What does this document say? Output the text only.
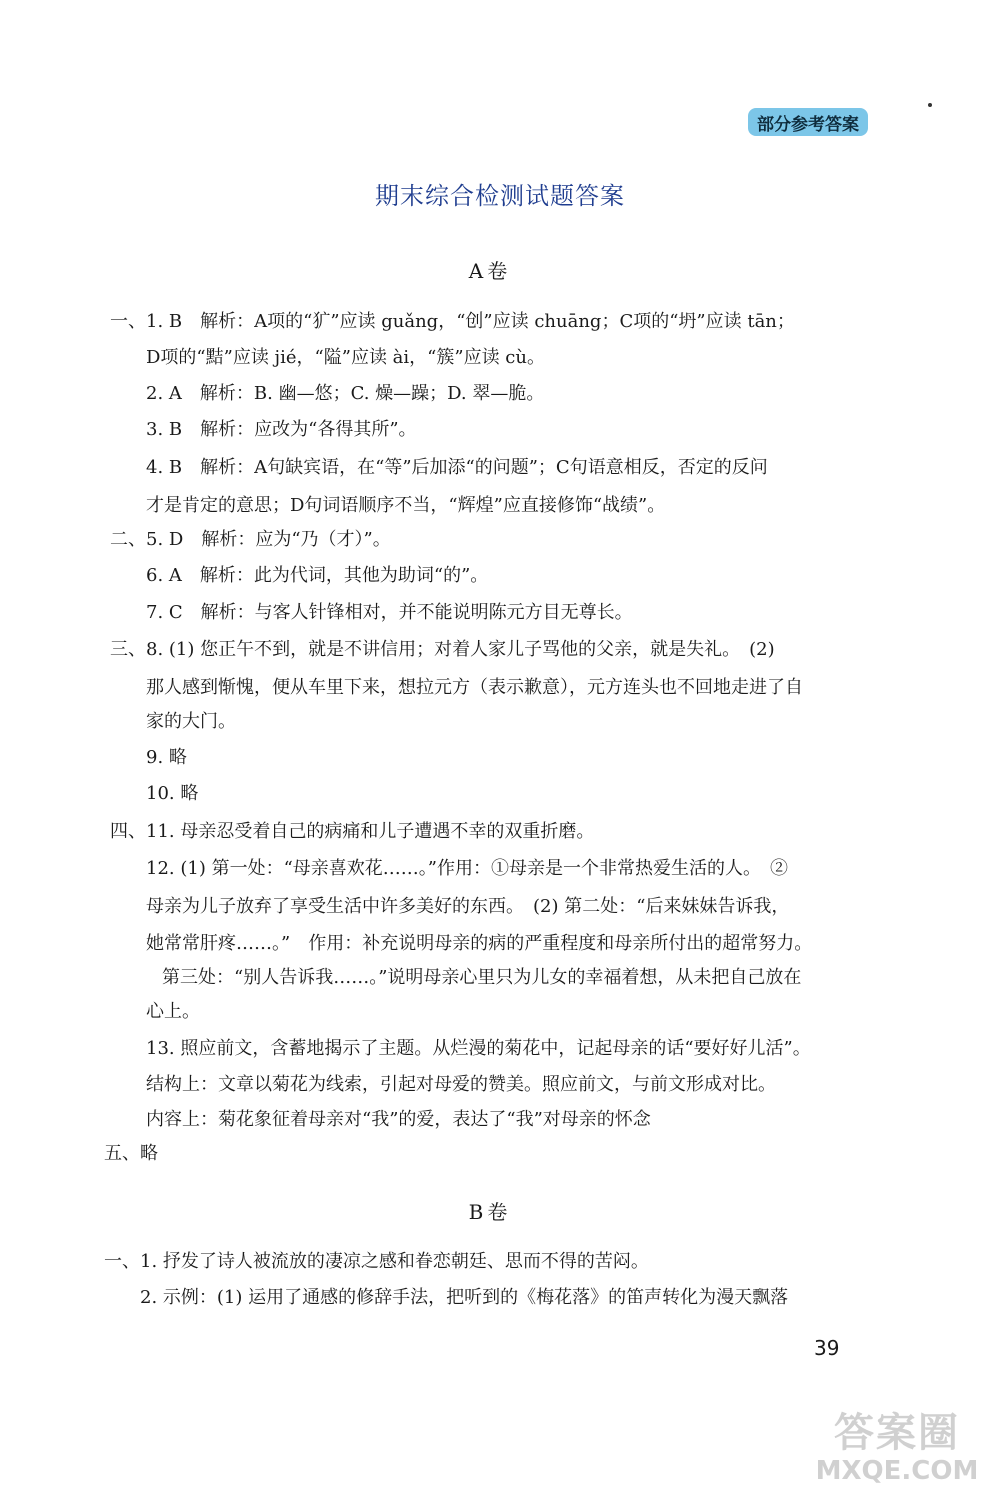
部分参考答案
期末综合检测试题答案
A卷
B卷
一、1. B　解析：A项的“犷”应读 guǎng，“创”应读 chuāng；C项的“坍”应读 tān；
D项的“黠”应读 jié，“隘”应读 ài，“簇”应读 cù。
2. A　解析：B. 幽—悠；C. 燥—躁；D. 翠—脆。
3. B　解析：应改为“各得其所”。
4. B　解析：A句缺宾语，在“等”后加添“的问题”；C句语意相反，否定的反问
才是肯定的意思；D句词语顺序不当，“辉煌”应直接修饰“战绩”。
二、5. D　解析：应为“乃（才）”。
6. A　解析：此为代词，其他为助词“的”。
7. C　解析：与客人针锋相对，并不能说明陈元方目无尊长。
三、8. (1) 您正午不到，就是不讲信用；对着人家儿子骂他的父亲，就是失礼。　(2)
那人感到惭愧，便从车里下来，想拉元方（表示歉意），元方连头也不回地走进了自
家的大门。
9. 略
10. 略
四、11. 母亲忍受着自己的病痛和儿子遭遇不幸的双重折磨。
12. (1) 第一处：“母亲喜欢花……。”作用：①母亲是一个非常热爱生活的人。　②
母亲为儿子放弃了享受生活中许多美好的东西。　(2) 第二处：“后来妹妹告诉我，
她常常肝疼……。”　作用：补充说明母亲的病的严重程度和母亲所付出的超常努力。
第三处：“别人告诉我……。”说明母亲心里只为儿女的幸福着想，从未把自己放在
心上。
13. 照应前文，含蓄地揭示了主题。从烂漫的菊花中，记起母亲的话“要好好儿活”。
结构上：文章以菊花为线索，引起对母爱的赞美。照应前文，与前文形成对比。
内容上：菊花象征着母亲对“我”的爱，表达了“我”对母亲的怀念
五、略
一、1. 抒发了诗人被流放的凄凉之感和眷恋朝廷、思而不得的苦闷。
2. 示例：(1) 运用了通感的修辞手法，把听到的《梅花落》的笛声转化为漫天飘落
39
答案圈
MXQE.COM
